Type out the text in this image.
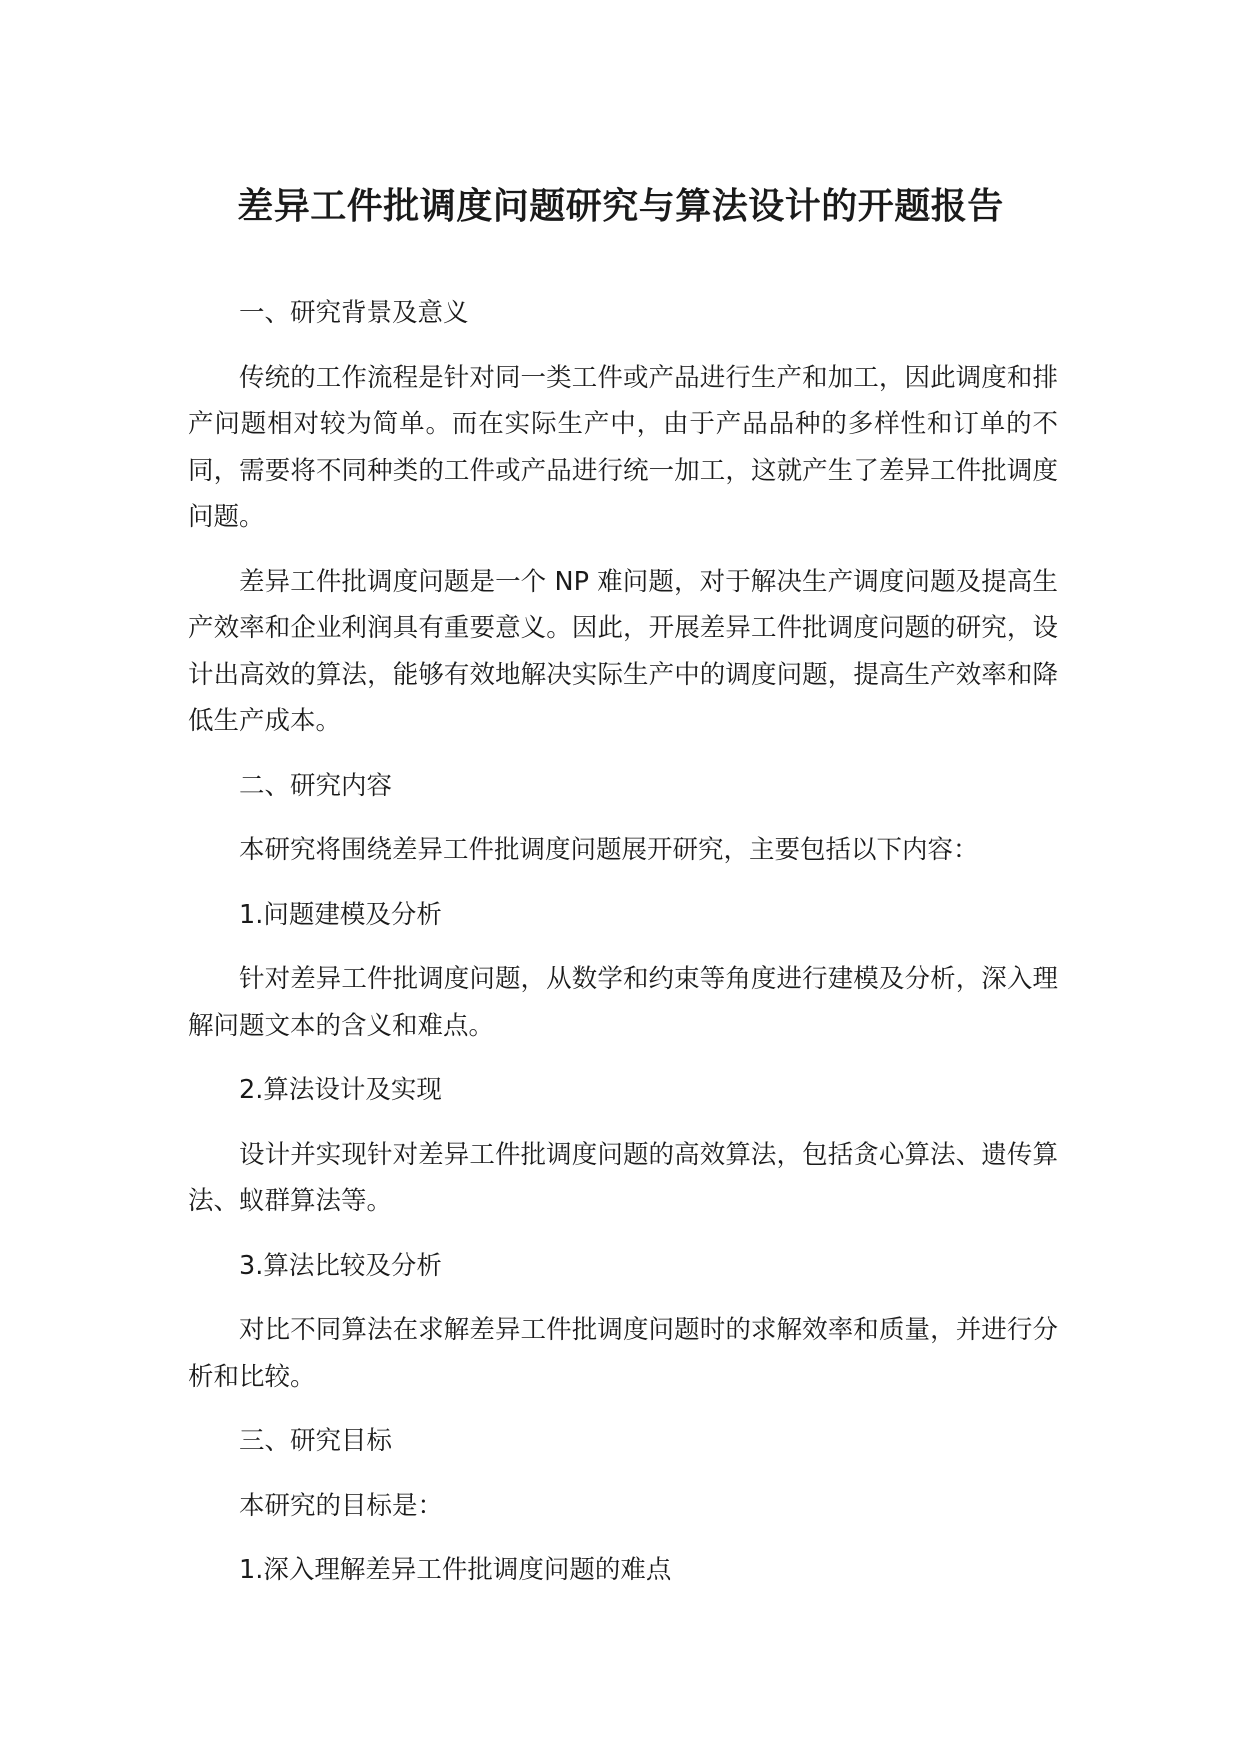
差异工件批调度问题研究与算法设计的开题报告

一、研究背景及意义

传统的工作流程是针对同一类工件或产品进行生产和加工，因此调度和排产问题相对较为简单。而在实际生产中，由于产品品种的多样性和订单的不同，需要将不同种类的工件或产品进行统一加工，这就产生了差异工件批调度问题。

差异工件批调度问题是一个 NP 难问题，对于解决生产调度问题及提高生产效率和企业利润具有重要意义。因此，开展差异工件批调度问题的研究，设计出高效的算法，能够有效地解决实际生产中的调度问题，提高生产效率和降低生产成本。

二、研究内容

本研究将围绕差异工件批调度问题展开研究，主要包括以下内容：

1.问题建模及分析

针对差异工件批调度问题，从数学和约束等角度进行建模及分析，深入理解问题文本的含义和难点。

2.算法设计及实现

设计并实现针对差异工件批调度问题的高效算法，包括贪心算法、遗传算法、蚁群算法等。

3.算法比较及分析

对比不同算法在求解差异工件批调度问题时的求解效率和质量，并进行分析和比较。

三、研究目标

本研究的目标是：

1.深入理解差异工件批调度问题的难点
